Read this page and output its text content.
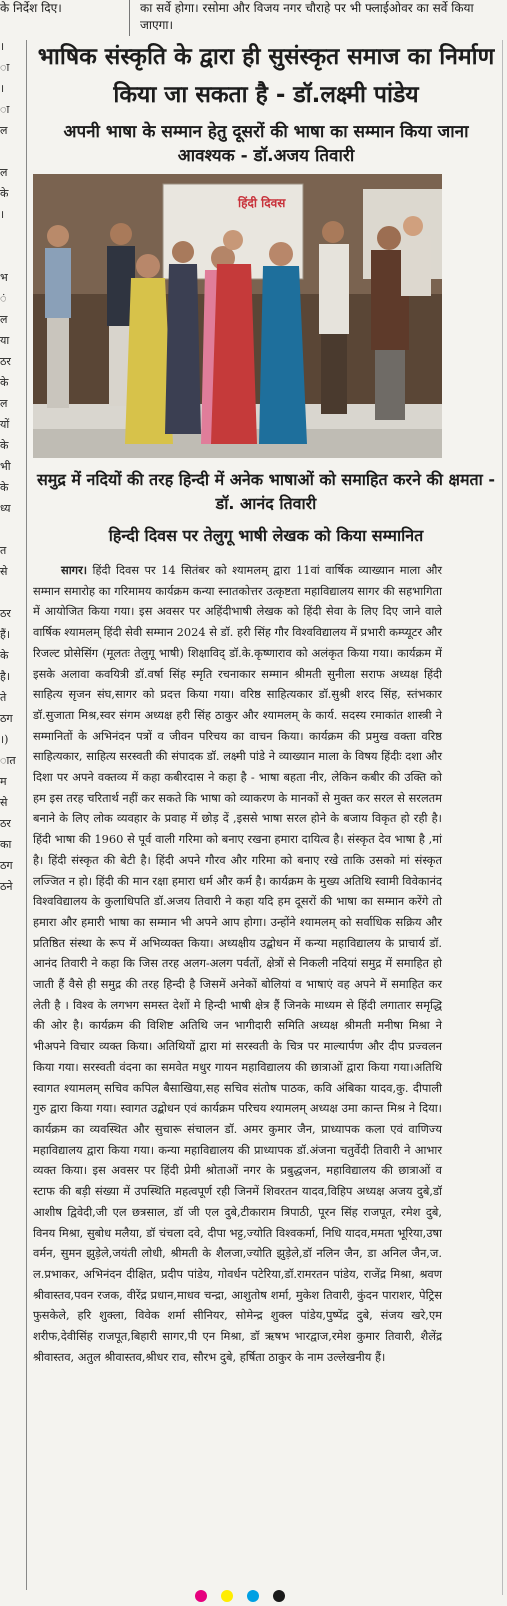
के निर्देश दिए।	का सर्वे होगा। रसोमा और विजय नगर चौराहे पर भी फ्लाईओवर का सर्वे किया जाएगा।
।
ा
।
ा
ल

ल
के
।

भ
ं
ल
या
ठर
के
ल
यों
के
भी
के
ध्य

त
से

ठर
हैं।
के
है।
ते
ठग
।)
ात
म
से
ठर
का
ठग
ठने
भाषिक संस्कृति के द्वारा ही सुसंस्कृत समाज का निर्माण किया जा सकता है - डॉ.लक्ष्मी पांडेय
अपनी भाषा के सम्मान हेतु दूसरों की भाषा का सम्मान किया जाना आवश्यक - डॉ.अजय तिवारी
हिंदी दिवस
समुद्र में नदियों की तरह हिन्दी में अनेक भाषाओं को समाहित करने की क्षमता - डॉ. आनंद तिवारी
हिन्दी दिवस पर तेलुगू भाषी लेखक को किया सम्मानित

सागर। हिंदी दिवस पर 14 सितंबर को श्यामलम् द्वारा 11वां वार्षिक व्याख्यान माला और सम्मान समारोह का गरिमामय कार्यक्रम कन्या स्नातकोत्तर उत्कृष्टता महाविद्यालय सागर की सहभागिता में आयोजित किया गया। इस अवसर पर अहिंदीभाषी लेखक को हिंदी सेवा के लिए दिए जाने वाले वार्षिक श्यामलम् हिंदी सेवी सम्मान 2024 से डॉ. हरी सिंह गौर विश्वविद्यालय में प्रभारी कम्प्यूटर और रिजल्ट प्रोसेसिंग (मूलतः तेलुगू भाषी) शिक्षाविद् डॉ.के.कृष्णाराव को अलंकृत किया गया। कार्यक्रम में इसके अलावा कवयित्री डॉ.वर्षा सिंह स्मृति रचनाकार सम्मान श्रीमती सुनीला सराफ अध्यक्ष हिंदी साहित्य सृजन संघ,सागर को प्रदत्त किया गया। वरिष्ठ साहित्यकार डॉ.सुश्री शरद सिंह, स्तंभकार डॉ.सुजाता मिश्र,स्वर संगम अध्यक्ष हरी सिंह ठाकुर और श्यामलम् के कार्य. सदस्य रमाकांत शास्त्री ने सम्मानितों के अभिनंदन पत्रों व जीवन परिचय का वाचन किया। कार्यक्रम की प्रमुख वक्ता वरिष्ठ साहित्यकार, साहित्य सरस्वती की संपादक डॉ. लक्ष्मी पांडे ने व्याख्यान माला के विषय हिंदीः दशा और दिशा पर अपने वक्तव्य में कहा कबीरदास ने कहा है - भाषा बहता नीर, लेकिन कबीर की उक्ति को हम इस तरह चरितार्थ नहीं कर सकते कि भाषा को व्याकरण के मानकों से मुक्त कर सरल से सरलतम बनाने के लिए लोक व्यवहार के प्रवाह में छोड़ दें ,इससे भाषा सरल होने के बजाय विकृत हो रही है। हिंदी भाषा की 1960 से पूर्व वाली गरिमा को बनाए रखना हमारा दायित्व है। संस्कृत देव भाषा है ,मां है। हिंदी संस्कृत की बेटी है। हिंदी अपने गौरव और गरिमा को बनाए रखे ताकि उसको मां संस्कृत लज्जित न हो। हिंदी की मान रक्षा हमारा धर्म और कर्म है। कार्यक्रम के मुख्य अतिथि स्वामी विवेकानंद विश्वविद्यालय के कुलाधिपति डॉ.अजय तिवारी ने कहा यदि हम दूसरों की भाषा का सम्मान करेंगे तो हमारा और हमारी भाषा का सम्मान भी अपने आप होगा। उन्होंने श्यामलम् को सर्वाधिक सक्रिय और प्रतिष्ठित संस्था के रूप में अभिव्यक्त किया। अध्यक्षीय उद्बोधन में कन्या महाविद्यालय के प्राचार्य डॉ. आनंद तिवारी ने कहा कि जिस तरह अलग-अलग पर्वतों, क्षेत्रों से निकली नदियां समुद्र में समाहित हो जाती हैं वैसे ही समुद्र की तरह हिन्दी है जिसमें अनेकों बोलियां व भाषाएं वह अपने में समाहित कर लेती है । विश्व के लगभग समस्त देशों मे हिन्दी भाषी क्षेत्र हैं जिनके माध्यम से हिंदी लगातार समृद्धि की ओर है। कार्यक्रम की विशिष्ट अतिथि जन भागीदारी समिति अध्यक्ष श्रीमती मनीषा मिश्रा ने भीअपने विचार व्यक्त किया। अतिथियों द्वारा मां सरस्वती के चित्र पर माल्यार्पण और दीप प्रज्वलन किया गया। सरस्वती वंदना का समवेत मधुर गायन महाविद्यालय की छात्राओं द्वारा किया गया।अतिथि स्वागत श्यामलम् सचिव कपिल बैसाखिया,सह सचिव संतोष पाठक, कवि अंबिका यादव,कु. दीपाली गुरु द्वारा किया गया। स्वागत उद्बोधन एवं कार्यक्रम परिचय श्यामलम् अध्यक्ष उमा कान्त मिश्र ने दिया। कार्यक्रम का व्यवस्थित और सुचारू संचालन डॉ. अमर कुमार जैन, प्राध्यापक कला एवं वाणिज्य महाविद्यालय द्वारा किया गया। कन्या महाविद्यालय की प्राध्यापक डॉ.अंजना चतुर्वेदी तिवारी ने आभार व्यक्त किया। इस अवसर पर हिंदी प्रेमी श्रोताओं नगर के प्रबुद्धजन, महाविद्यालय की छात्राओं व स्टाफ की बड़ी संख्या में उपस्थिति महत्वपूर्ण रही जिनमें शिवरतन यादव,विहिप अध्यक्ष अजय दुबे,डॉ आशीष द्विवेदी,जी एल छत्रसाल, डॉ जी एल दुबे,टीकाराम त्रिपाठी, पूरन सिंह राजपूत, रमेश दुबे, विनय मिश्रा, सुबोध मलैया, डॉ चंचला दवे, दीपा भट्ट,ज्योति विश्वकर्मा, निधि यादव,ममता भूरिया,उषा वर्मन, सुमन झुड़ेले,जयंती लोधी, श्रीमती के शैलजा,ज्योति झुड़ेले,डॉ नलिन जैन, डा अनिल जैन,ज. ल.प्रभाकर, अभिनंदन दीक्षित, प्रदीप पांडेय, गोवर्धन पटेरिया,डॉ.रामरतन पांडेय, राजेंद्र मिश्रा, श्रवण श्रीवास्तव,पवन रजक, वीरेंद्र प्रधान,माधव चन्द्रा, आशुतोष शर्मा, मुकेश तिवारी, कुंदन पाराशर, पेट्रिस फुसकेले, हरि शुक्ला, विवेक शर्मा सीनियर, सोमेन्द्र शुक्ल पांडेय,पुष्पेंद्र दुबे, संजय खरे,एम शरीफ,देवीसिंह राजपूत,बिहारी सागर,पी एन मिश्रा, डॉ ऋषभ भारद्वाज,रमेश कुमार तिवारी, शैलेंद्र श्रीवास्तव, अतुल श्रीवास्तव,श्रीधर राव, सौरभ दुबे, हर्षिता ठाकुर के नाम उल्लेखनीय हैं।
